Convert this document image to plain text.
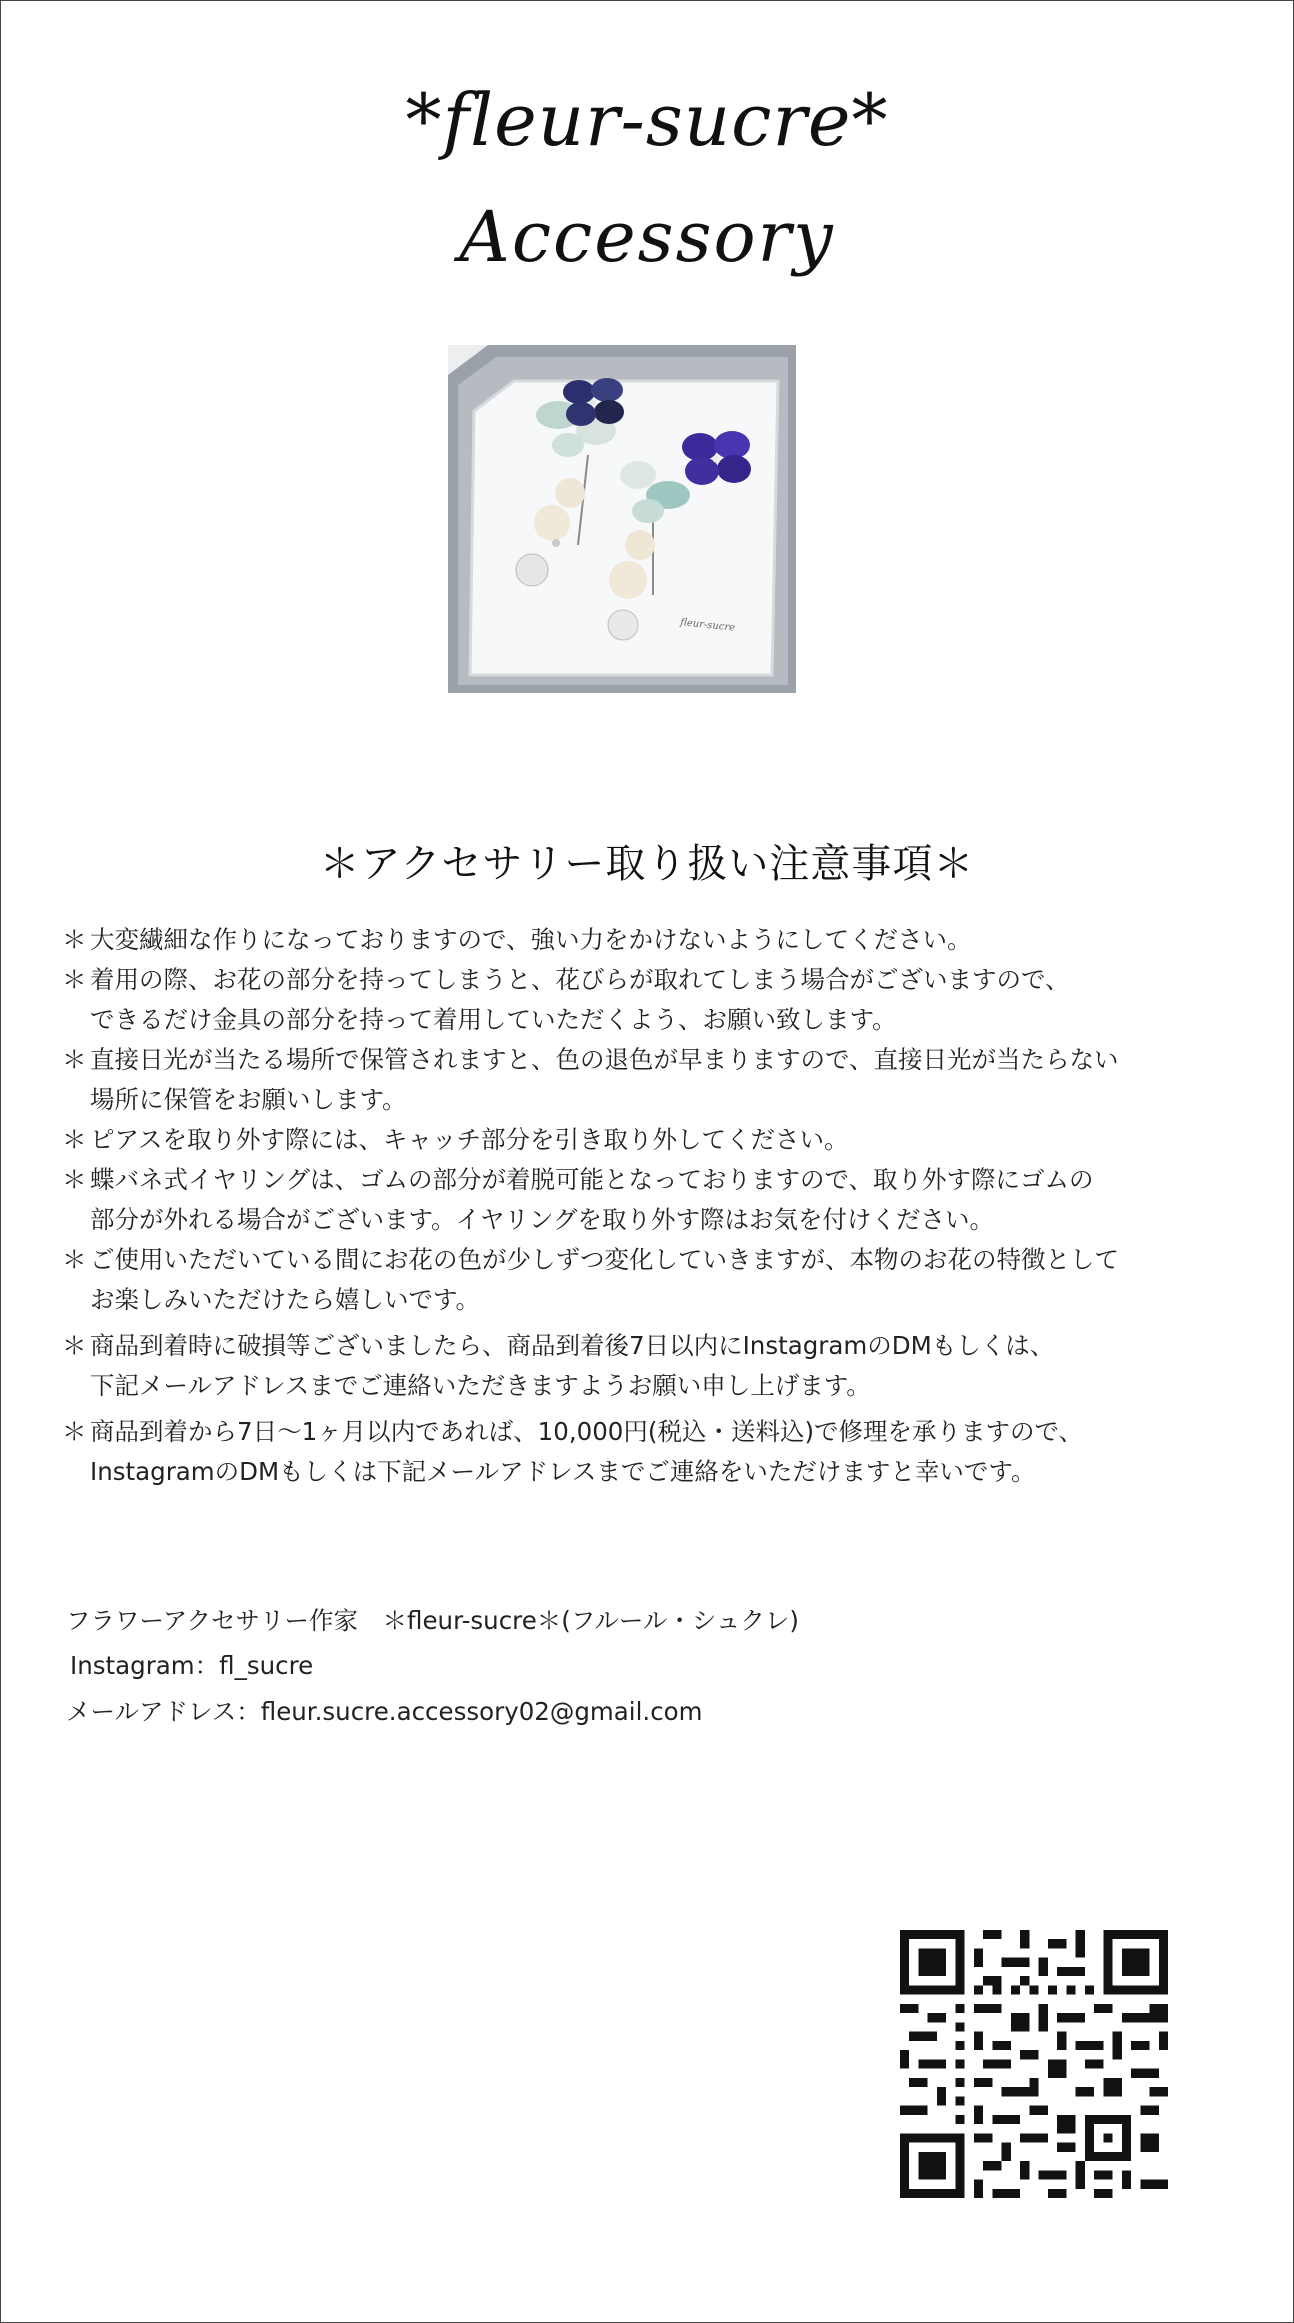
*fleur-sucre*
Accessory
fleur-sucre
＊アクセサリー取り扱い注意事項＊
＊ 大変繊細な作りになっておりますので、強い力をかけないようにしてください。
＊ 着用の際、お花の部分を持ってしまうと、花びらが取れてしまう場合がございますので、
できるだけ金具の部分を持って着用していただくよう、お願い致します。
＊ 直接日光が当たる場所で保管されますと、色の退色が早まりますので、直接日光が当たらない
場所に保管をお願いします。
＊ ピアスを取り外す際には、キャッチ部分を引き取り外してください。
＊ 蝶バネ式イヤリングは、ゴムの部分が着脱可能となっておりますので、取り外す際にゴムの
部分が外れる場合がございます。イヤリングを取り外す際はお気を付けください。
＊ ご使用いただいている間にお花の色が少しずつ変化していきますが、本物のお花の特徴として
お楽しみいただけたら嬉しいです。
＊ 商品到着時に破損等ございましたら、商品到着後7日以内にInstagramのDMもしくは、
下記メールアドレスまでご連絡いただきますようお願い申し上げます。
＊ 商品到着から7日〜1ヶ月以内であれば、10,000円(税込・送料込)で修理を承りますので、
InstagramのDMもしくは下記メールアドレスまでご連絡をいただけますと幸いです。
フラワーアクセサリー作家　＊fleur-sucre＊(フルール・シュクレ)
Instagram：fl_sucre
メールアドレス：fleur.sucre.accessory02@gmail.com
